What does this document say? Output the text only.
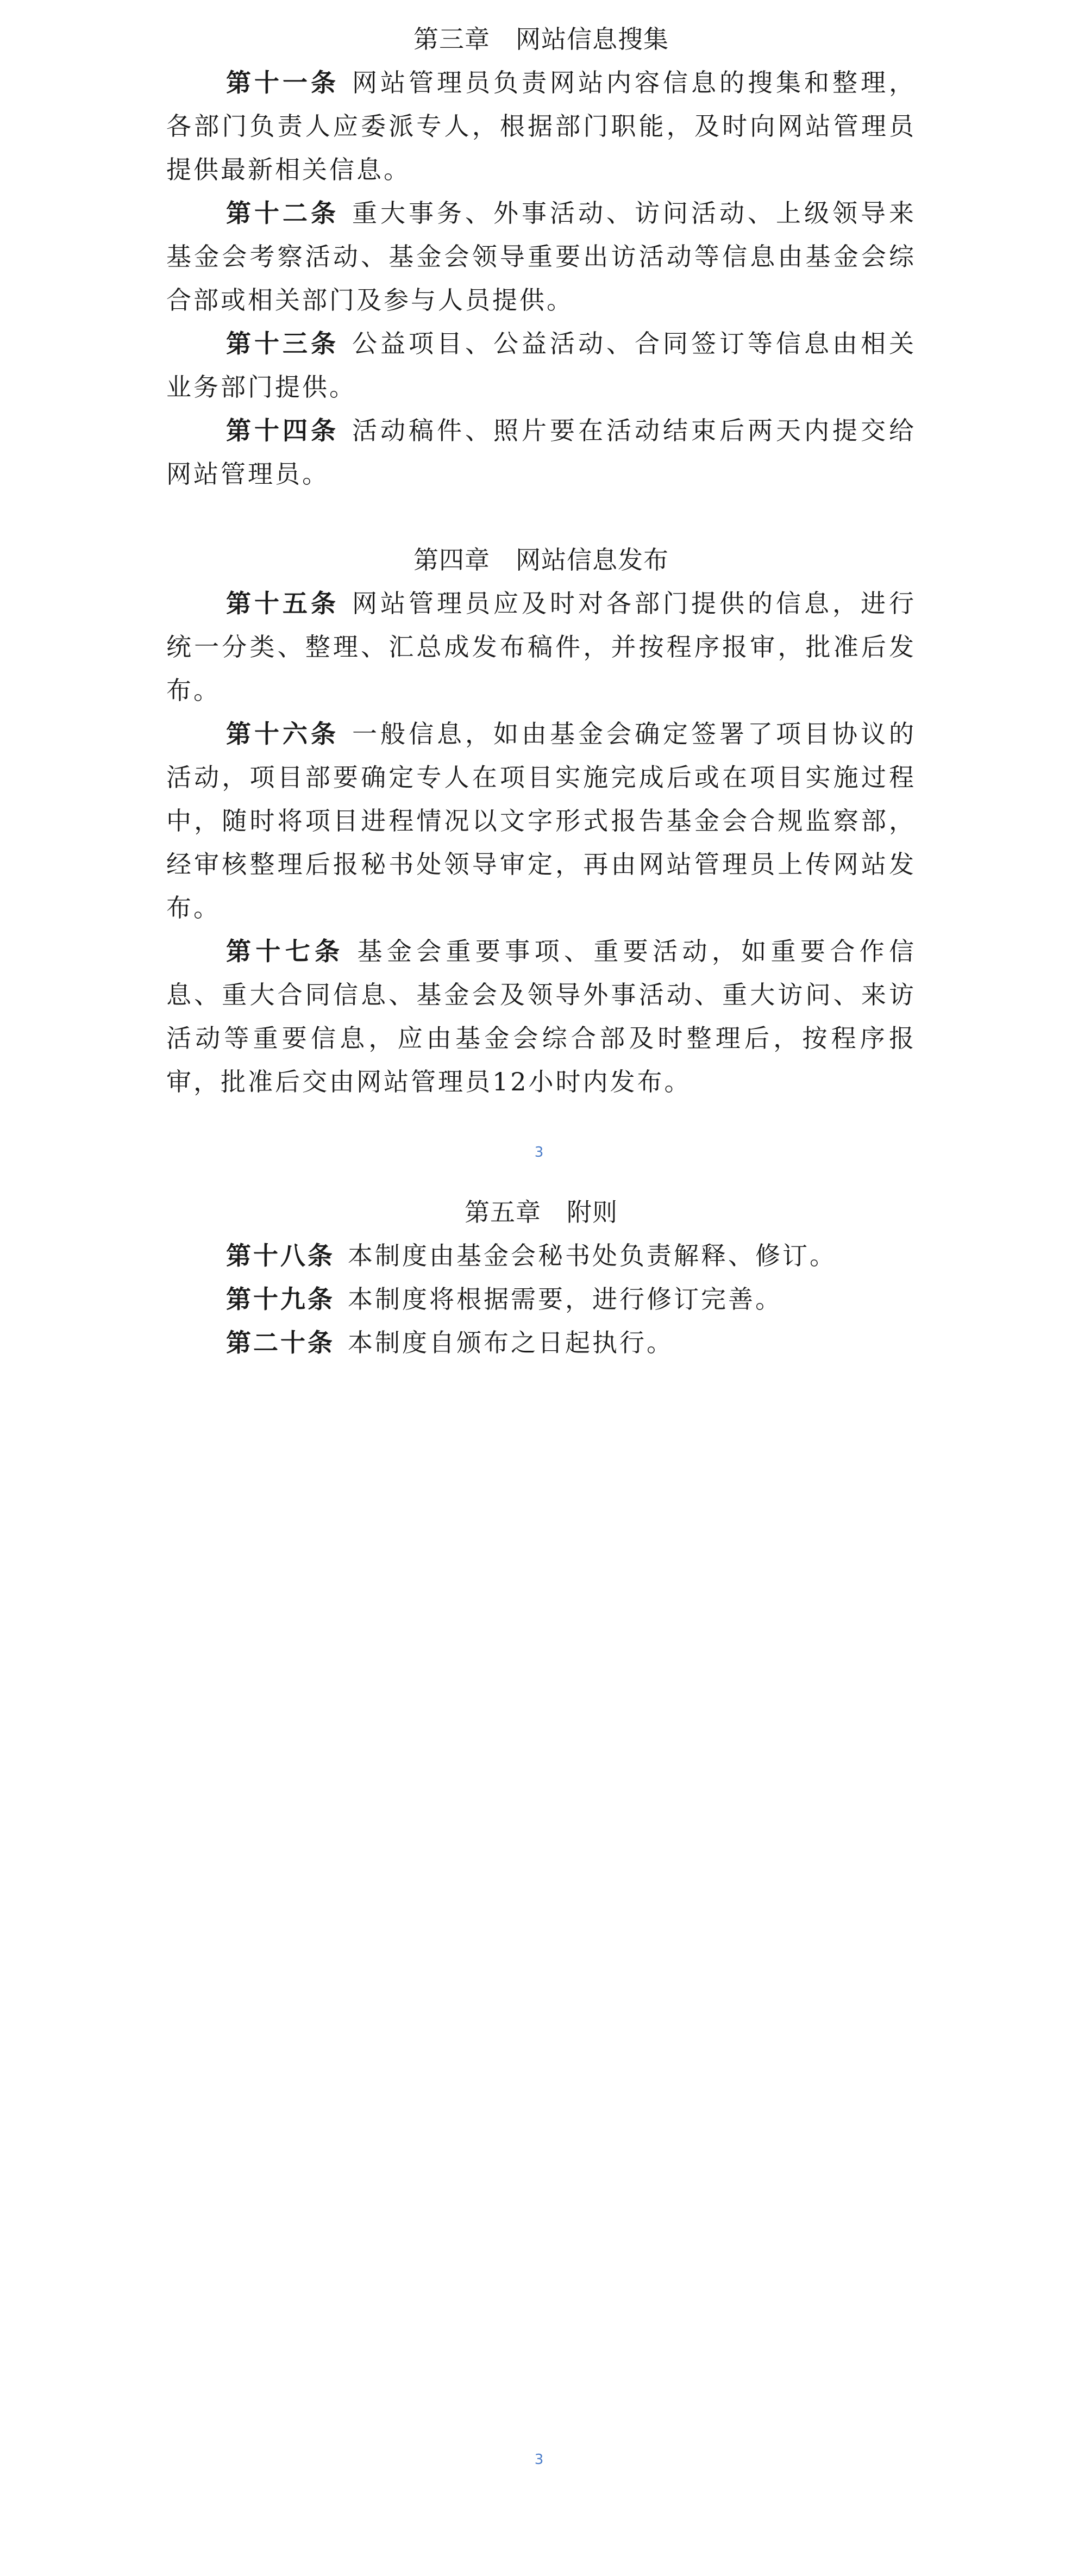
第三章　网站信息搜集

第十一条 网站管理员负责网站内容信息的搜集和整理，各部门负责人应委派专人，根据部门职能，及时向网站管理员提供最新相关信息。

第十二条 重大事务、外事活动、访问活动、上级领导来基金会考察活动、基金会领导重要出访活动等信息由基金会综合部或相关部门及参与人员提供。

第十三条 公益项目、公益活动、合同签订等信息由相关业务部门提供。

第十四条 活动稿件、照片要在活动结束后两天内提交给网站管理员。

第四章　网站信息发布

第十五条 网站管理员应及时对各部门提供的信息，进行统一分类、整理、汇总成发布稿件，并按程序报审，批准后发布。

第十六条 一般信息，如由基金会确定签署了项目协议的活动，项目部要确定专人在项目实施完成后或在项目实施过程中，随时将项目进程情况以文字形式报告基金会合规监察部，经审核整理后报秘书处领导审定，再由网站管理员上传网站发布。

第十七条 基金会重要事项、重要活动，如重要合作信息、重大合同信息、基金会及领导外事活动、重大访问、来访活动等重要信息，应由基金会综合部及时整理后，按程序报审，批准后交由网站管理员12小时内发布。

第五章　附则

第十八条 本制度由基金会秘书处负责解释、修订。

第十九条 本制度将根据需要，进行修订完善。

第二十条 本制度自颁布之日起执行。

3
3
